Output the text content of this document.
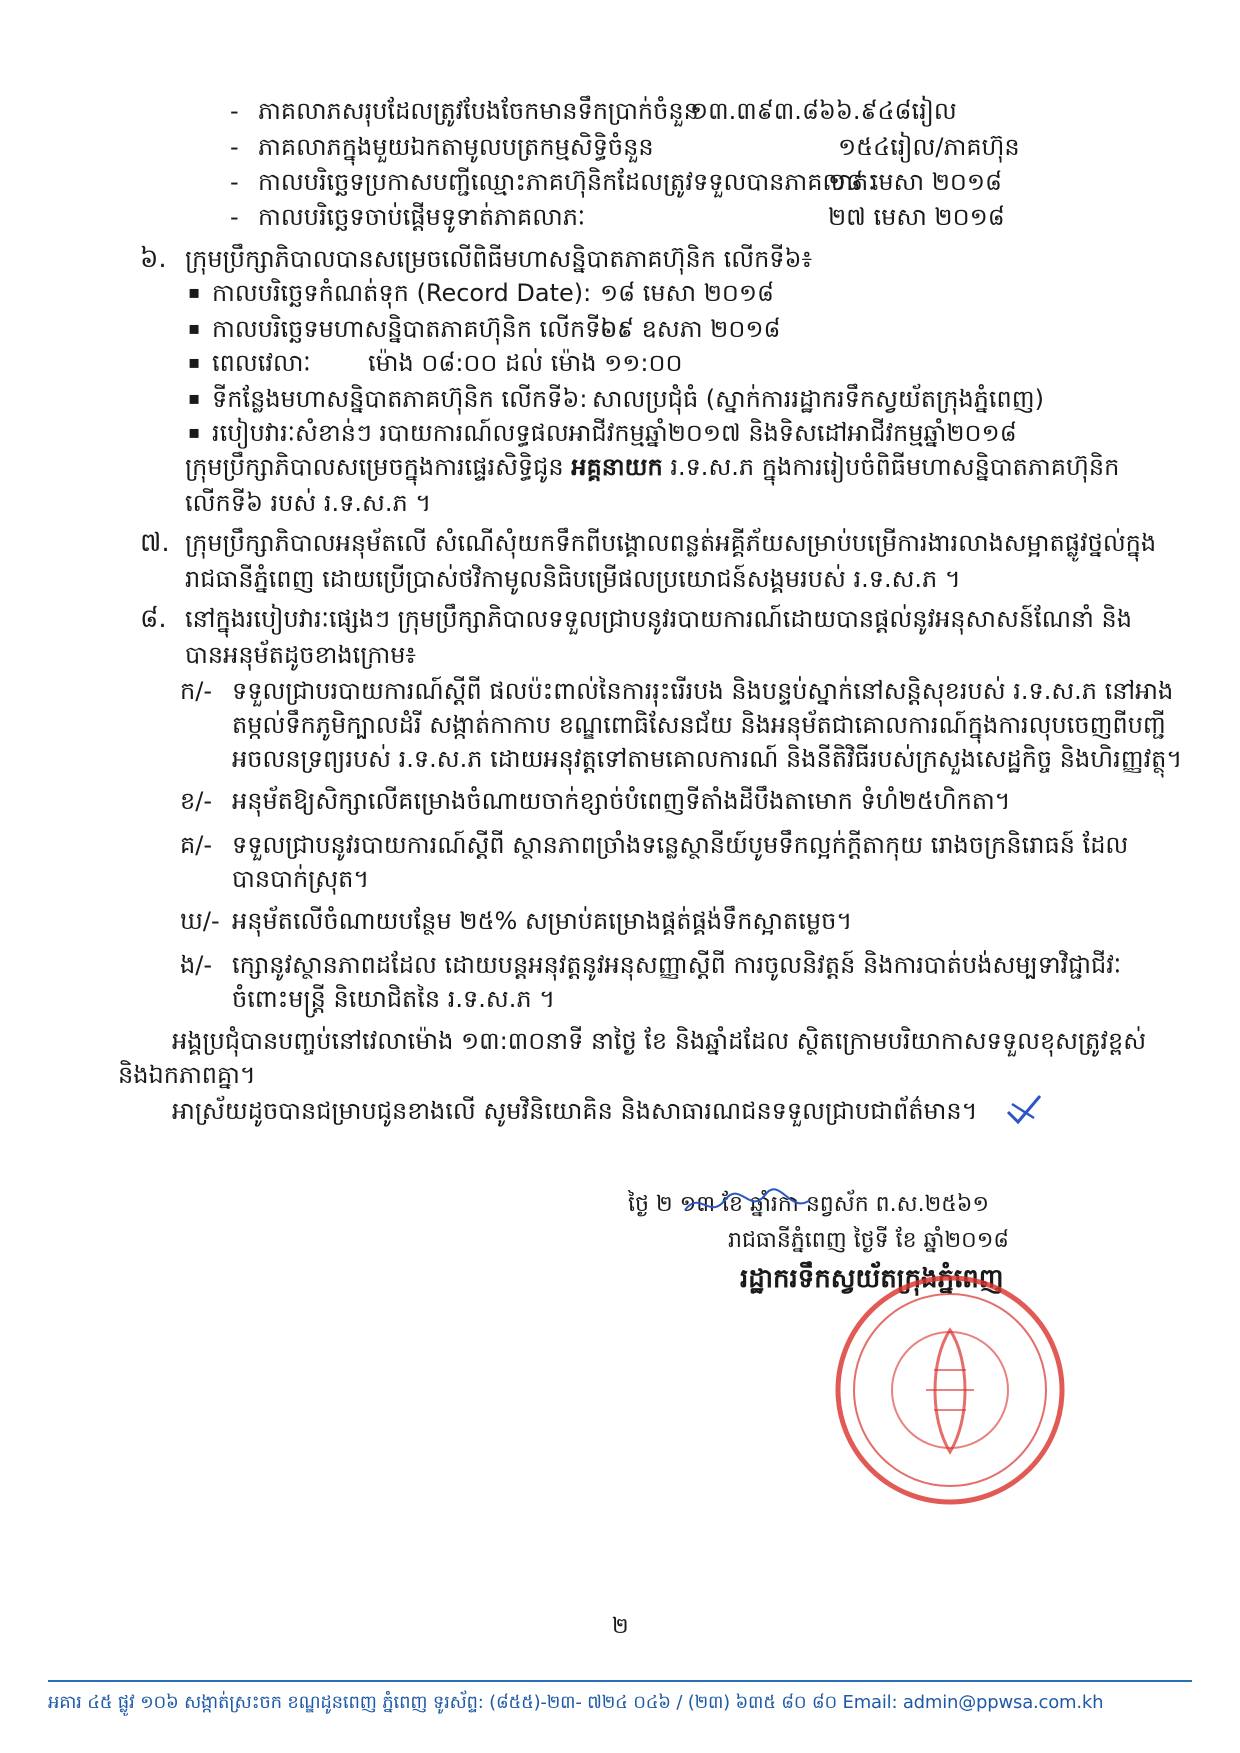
- ភាគលាភសរុបដែលត្រូវបែងចែកមានទឹកប្រាក់ចំនួន
១៣.៣៩៣.៨៦៦.៩៤៨រៀល
- ភាគលាភក្នុងមួយឯកតាមូលបត្រកម្មសិទ្ធិចំនួន	១៥៤រៀល/ភាគហ៊ុន
- កាលបរិច្ឆេទប្រកាសបញ្ជីឈ្មោះភាគហ៊ុនិកដែលត្រូវទទួលបានភាគលាភៈ
១៨ មេសា ២០១៨
- កាលបរិច្ឆេទចាប់ផ្តើមទូទាត់ភាគលាភៈ	២៧ មេសា ២០១៨
៦. ក្រុមប្រឹក្សាភិបាលបានសម្រេចលើពិធីមហាសន្និបាតភាគហ៊ុនិក លើកទី៦៖
▪ កាលបរិច្ឆេទកំណត់ទុក (Record Date): ១៨ មេសា ២០១៨
▪ កាលបរិច្ឆេទមហាសន្និបាតភាគហ៊ុនិក លើកទី៦:
០៩ ឧសភា ២០១៨
▪ ពេលវេលាៈ ម៉ោង ០៨:០០ ដល់ ម៉ោង ១១:០០
▪ ទីកន្លែងមហាសន្និបាតភាគហ៊ុនិក លើកទី៦: សាលប្រជុំធំ (ស្នាក់ការរដ្ឋាករទឹកស្វយ័តក្រុងភ្នំពេញ)
▪ របៀបវារៈសំខាន់ៗ របាយការណ៍លទ្ធផលអាជីវកម្មឆ្នាំ២០១៧ និងទិសដៅអាជីវកម្មឆ្នាំ២០១៨
ក្រុមប្រឹក្សាភិបាលសម្រេចក្នុងការផ្ទេរសិទ្ធិជូន អគ្គនាយក រ.ទ.ស.ភ ក្នុងការរៀបចំពិធីមហាសន្និបាតភាគហ៊ុនិក
លើកទី៦ របស់ រ.ទ.ស.ភ ។
៧. ក្រុមប្រឹក្សាភិបាលអនុម័តលើ សំណើសុំយកទឹកពីបង្គោលពន្លត់អគ្គីភ័យសម្រាប់បម្រើការងារលាងសម្អាតផ្លូវថ្នល់ក្នុង
រាជធានីភ្នំពេញ ដោយប្រើប្រាស់ថវិកាមូលនិធិបម្រើផលប្រយោជន៍សង្គមរបស់ រ.ទ.ស.ភ ។
៨. នៅក្នុងរបៀបវារៈផ្សេងៗ ក្រុមប្រឹក្សាភិបាលទទួលជ្រាបនូវរបាយការណ៍ដោយបានផ្តល់នូវអនុសាសន៍ណែនាំ និង
បានអនុម័តដូចខាងក្រោម៖
ក/- ទទួលជ្រាបរបាយការណ៍ស្តីពី ផលប៉ះពាល់នៃការរុះរើរបង និងបន្ទប់ស្នាក់នៅសន្តិសុខរបស់ រ.ទ.ស.ភ នៅអាង
តម្កល់ទឹកភូមិក្បាលដំរី សង្កាត់កាកាប ខណ្ឌពោធិសែនជ័យ និងអនុម័តជាគោលការណ៍ក្នុងការលុបចេញពីបញ្ជី
អចលនទ្រព្យរបស់ រ.ទ.ស.ភ ដោយអនុវត្តទៅតាមគោលការណ៍ និងនីតិវិធីរបស់ក្រសួងសេដ្ឋកិច្ច និងហិរញ្ញវត្ថុ។
ខ/- អនុម័តឱ្យសិក្សាលើគម្រោងចំណាយចាក់ខ្សាច់បំពេញទីតាំងដីបឹងតាមោក ទំហំ២៥ហិកតា។
គ/- ទទួលជ្រាបនូវរបាយការណ៍ស្តីពី ស្ថានភាពច្រាំងទន្លេស្ថានីយ៍បូមទឹកល្អក់ក្តីតាកុយ រោងចក្រនិរោធន៍ ដែល
បានបាក់ស្រុត។
ឃ/- អនុម័តលើចំណាយបន្ថែម ២៥% សម្រាប់គម្រោងផ្គត់ផ្គង់ទឹកស្អាតម្លេច។
ង/- ក្សោនូវស្ថានភាពដដែល ដោយបន្តអនុវត្តនូវអនុសញ្ញាស្តីពី ការចូលនិវត្តន៍ និងការបាត់បង់សម្បទាវិជ្ជាជីវៈ
ចំពោះមន្ត្រី និយោជិតនៃ រ.ទ.ស.ភ ។
អង្គប្រជុំបានបញ្ចប់នៅវេលាម៉ោង ១៣:៣០នាទី នាថ្ងៃ ខែ និងឆ្នាំដដែល ស្ថិតក្រោមបរិយាកាសទទួលខុសត្រូវខ្ពស់
និងឯកភាពគ្នា។
អាស្រ័យដូចបានជម្រាបជូនខាងលើ សូមវិនិយោគិន និងសាធារណជនទទួលជ្រាបជាព័ត៌មាន។
ថ្ងៃ ២ ១៣ ខែ ឆ្នាំរកា នព្វស័ក ព.ស.២៥៦១
រាជធានីភ្នំពេញ ថ្ងៃទី ខែ ឆ្នាំ២០១៨
រដ្ឋាករទឹកស្វយ័តក្រុងភ្នំពេញ
២
អគារ ៤៥ ផ្លូវ ១០៦ សង្កាត់ស្រះចក ខណ្ឌដូនពេញ ភ្នំពេញ ទូរស័ព្ទ: (៨៥៥)-២៣- ៧២៤ ០៤៦ / (២៣) ៦៣៥ ៨០ ៨០ Email: admin@ppwsa.com.kh
